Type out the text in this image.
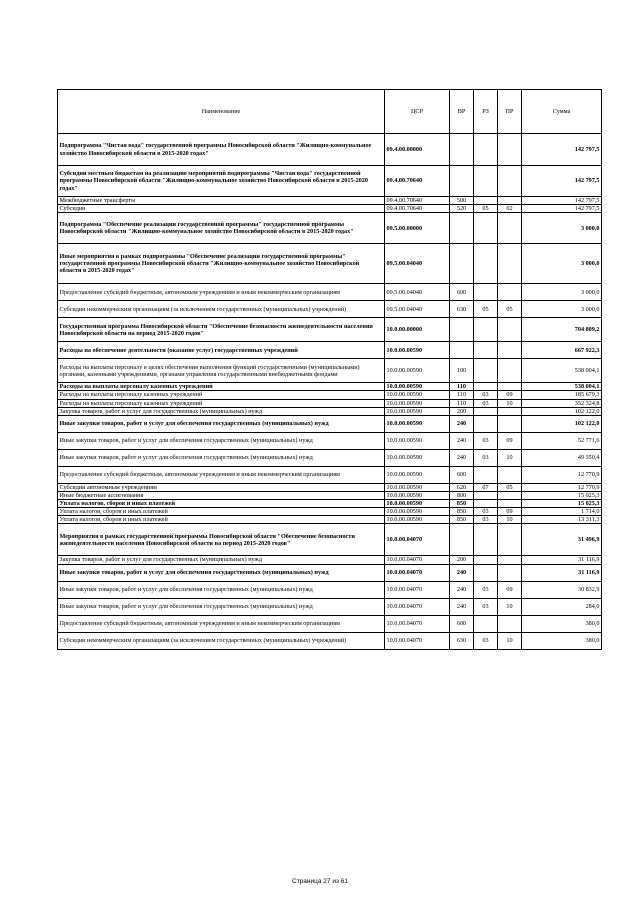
Наименование	ЦСР	ВР	РЗ	ПР	Сумма
Подпрограмма "Чистая вода" государственной программы Новосибирской области "Жилищно-коммунальное хозяйство Новосибирской области в 2015-2020 годах"	09.4.00.00000				142 797,5
Субсидии местным бюджетам на реализацию мероприятий подпрограммы "Чистая вода" государственной программы Новосибирской области "Жилищно-коммунальное хозяйство Новосибирской области в 2015-2020 годах"	09.4.00.70640				142 797,5
Межбюджетные трансферты	09.4.00.70640	500			142 797,5
Субсидии	09.4.00.70640	520	05	02	142 797,5
Подпрограмма "Обеспечение реализации государственной программы" государственной программы Новосибирской области "Жилищно-коммунальное хозяйство Новосибирской области в 2015-2020 годах"	09.5.00.00000				3 000,0
Иные мероприятия в рамках подпрограммы "Обеспечение реализации государственной программы" государственной программы Новосибирской области "Жилищно-коммунальное хозяйство Новосибирской области в 2015-2020 годах"	09.5.00.04040				3 000,0
Предоставление субсидий бюджетным, автономным учреждениям и иным некоммерческим организациям	09.5.00.04040	600			3 000,0
Субсидии некоммерческим организациям (за исключением государственных (муниципальных) учреждений)	09.5.00.04040	630	05	05	3 000,0
Государственная программа Новосибирской области "Обеспечение безопасности жизнедеятельности населения Новосибирской области на период 2015-2020 годов"	10.0.00.00000				704 809,2
Расходы на обеспечение деятельности (оказание услуг) государственных учреждений	10.0.00.00590				667 922,3
Расходы на выплаты персоналу в целях обеспечения выполнения функций государственными (муниципальными) органами, казенными учреждениями, органами управления государственными внебюджетными фондами	10.0.00.00590	100			538 004,1
Расходы на выплаты персоналу казенных учреждений	10.0.00.00590	110			538 004,1
Расходы на выплаты персоналу казенных учреждений	10.0.00.00590	110	03	09	185 679,3
Расходы на выплаты персоналу казенных учреждений	10.0.00.00590	110	03	10	352 324,8
Закупка товаров, работ и услуг для государственных (муниципальных) нужд	10.0.00.00590	200			102 122,0
Иные закупки товаров, работ и услуг для обеспечения государственных (муниципальных) нужд	10.0.00.00590	240			102 122,0
Иные закупки товаров, работ и услуг для обеспечения государственных (муниципальных) нужд	10.0.00.00590	240	03	09	52 771,6
Иные закупки товаров, работ и услуг для обеспечения государственных (муниципальных) нужд	10.0.00.00590	240	03	10	49 350,4
Предоставление субсидий бюджетным, автономным учреждениям и иным некоммерческим организациям	10.0.00.00590	600			12 770,9
Субсидии автономным учреждениям	10.0.00.00590	620	07	05	12 770,9
Иные бюджетные ассигнования	10.0.00.00590	800			15 025,3
Уплата налогов, сборов и иных платежей	10.0.00.00590	850			15 025,3
Уплата налогов, сборов и иных платежей	10.0.00.00590	850	03	09	1 714,0
Уплата налогов, сборов и иных платежей	10.0.00.00590	850	03	10	13 311,3
Мероприятия в рамках государственной программы Новосибирской области "Обеспечение безопасности жизнедеятельности населения Новосибирской области на период 2015-2020 годов"	10.0.00.04070				31 496,9
Закупка товаров, работ и услуг для государственных (муниципальных) нужд	10.0.00.04070	200			31 116,9
Иные закупки товаров, работ и услуг для обеспечения государственных (муниципальных) нужд	10.0.00.04070	240			31 116,9
Иные закупки товаров, работ и услуг для обеспечения государственных (муниципальных) нужд	10.0.00.04070	240	03	09	30 832,9
Иные закупки товаров, работ и услуг для обеспечения государственных (муниципальных) нужд	10.0.00.04070	240	03	10	284,0
Предоставление субсидий бюджетным, автономным учреждениям и иным некоммерческим организациям	10.0.00.04070	600			380,0
Субсидии некоммерческим организациям (за исключением государственных (муниципальных) учреждений)	10.0.00.04070	630	03	10	380,0
Страница 27 из 61
